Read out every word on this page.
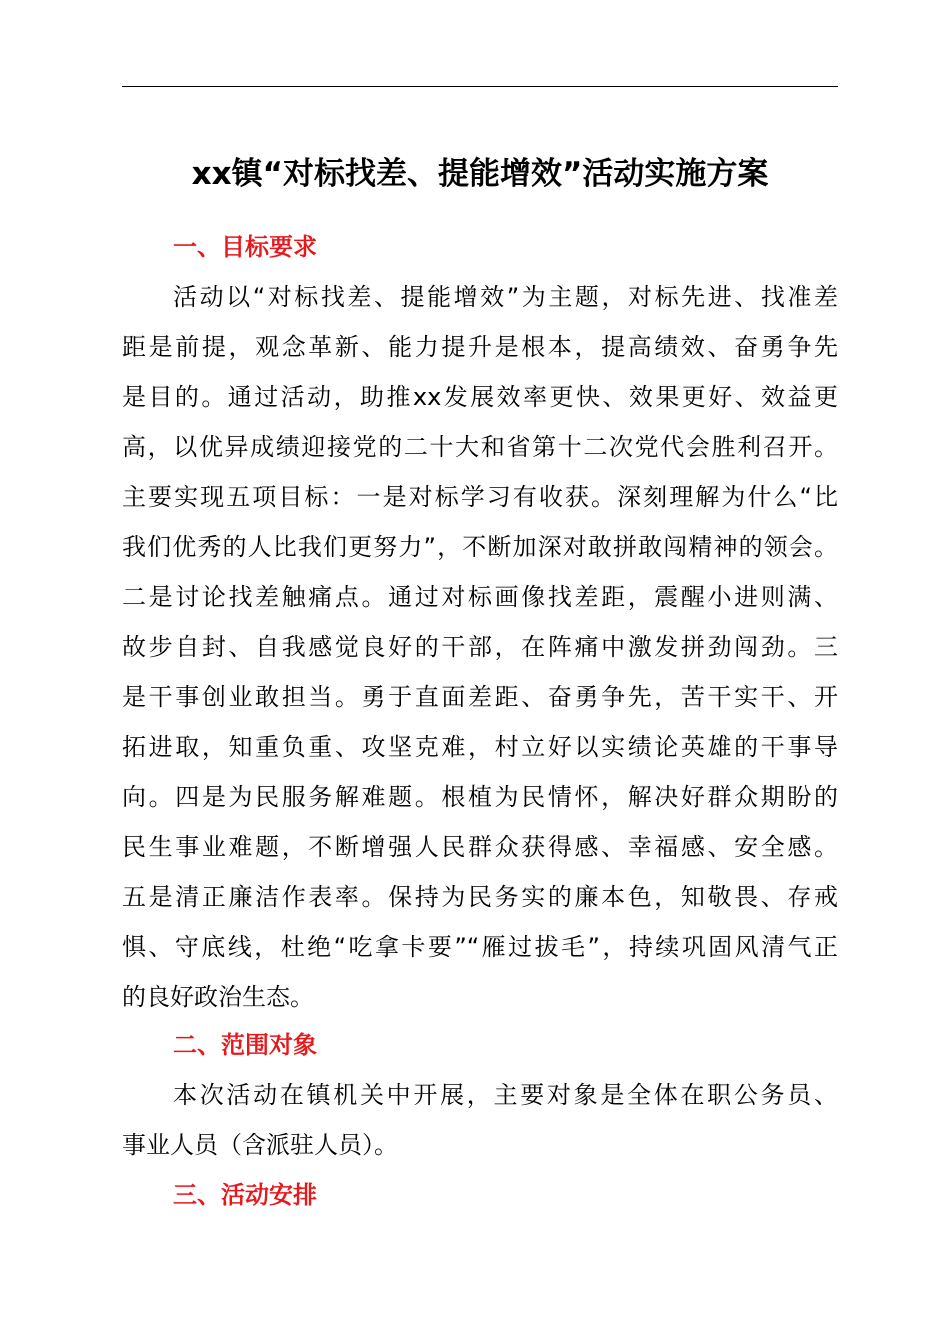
xx镇“对标找差、提能增效”活动实施方案
一、目标要求
活动以“对标找差、提能增效”为主题，对标先进、找准差
距是前提，观念革新、能力提升是根本，提高绩效、奋勇争先
是目的。通过活动，助推xx发展效率更快、效果更好、效益更
高，以优异成绩迎接党的二十大和省第十二次党代会胜利召开。
主要实现五项目标：一是对标学习有收获。深刻理解为什么“比
我们优秀的人比我们更努力”，不断加深对敢拼敢闯精神的领会。
二是讨论找差触痛点。通过对标画像找差距，震醒小进则满、
故步自封、自我感觉良好的干部，在阵痛中激发拼劲闯劲。三
是干事创业敢担当。勇于直面差距、奋勇争先，苦干实干、开
拓进取，知重负重、攻坚克难，村立好以实绩论英雄的干事导
向。四是为民服务解难题。根植为民情怀，解决好群众期盼的
民生事业难题，不断增强人民群众获得感、幸福感、安全感。
五是清正廉洁作表率。保持为民务实的廉本色，知敬畏、存戒
惧、守底线，杜绝“吃拿卡要”“雁过拔毛”，持续巩固风清气正
的良好政治生态。
二、范围对象
本次活动在镇机关中开展，主要对象是全体在职公务员、
事业人员（含派驻人员）。
三、活动安排
